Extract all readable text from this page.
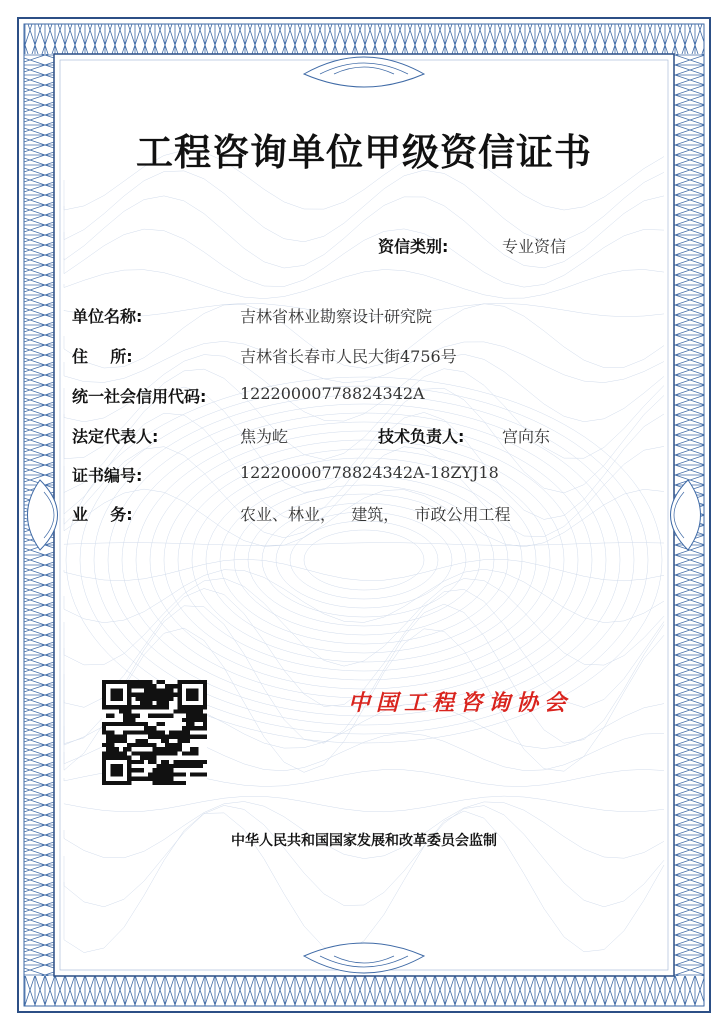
工程咨询单位甲级资信证书
资信类别:	专业资信
单位名称:	吉林省林业勘察设计研究院
住    所:	吉林省长春市人民大街4756号
统一社会信用代码: 12220000778824342A
法定代表人:	焦为屹	技术负责人: 宫向东
证书编号:	12220000778824342A-18ZYJ18
业    务:	农业、林业，   建筑，   市政公用工程
中国工程咨询协会
中华人民共和国国家发展和改革委员会监制
